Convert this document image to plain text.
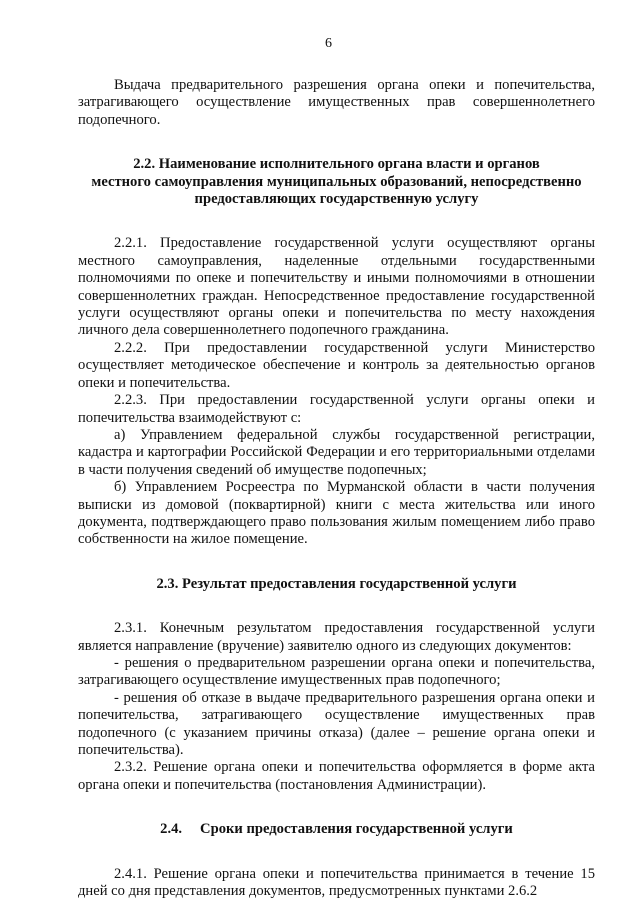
6

Выдача предварительного разрешения органа опеки и попечительства, затрагивающего осуществление имущественных прав совершеннолетнего подопечного.

2.2. Наименование исполнительного органа власти и органов
местного самоуправления муниципальных образований, непосредственно
предоставляющих государственную услугу

2.2.1. Предоставление государственной услуги осуществляют органы местного самоуправления, наделенные отдельными государственными полномочиями по опеке и попечительству и иными полномочиями в отношении совершеннолетних граждан. Непосредственное предоставление государственной услуги осуществляют органы опеки и попечительства по месту нахождения личного дела совершеннолетнего подопечного гражданина.

2.2.2. При предоставлении государственной услуги Министерство осуществляет методическое обеспечение и контроль за деятельностью органов опеки и попечительства.

2.2.3. При предоставлении государственной услуги органы опеки и попечительства взаимодействуют с:

а) Управлением федеральной службы государственной регистрации, кадастра и картографии Российской Федерации и его территориальными отделами в части получения сведений об имуществе подопечных;

б) Управлением Росреестра по Мурманской области в части получения выписки из домовой (поквартирной) книги с места жительства или иного документа, подтверждающего право пользования жилым помещением либо право собственности на жилое помещение.

2.3. Результат предоставления государственной услуги

2.3.1. Конечным результатом предоставления государственной услуги является направление (вручение) заявителю одного из следующих документов:

- решения о предварительном разрешении органа опеки и попечительства, затрагивающего осуществление имущественных прав подопечного;

- решения об отказе в выдаче предварительного разрешения органа опеки и попечительства, затрагивающего осуществление имущественных прав подопечного (с указанием причины отказа) (далее – решение органа опеки и попечительства).

2.3.2. Решение органа опеки и попечительства оформляется в форме акта органа опеки и попечительства (постановления Администрации).

2.4. Сроки предоставления государственной услуги

2.4.1. Решение органа опеки и попечительства принимается в течение 15 дней со дня представления документов, предусмотренных пунктами 2.6.2
